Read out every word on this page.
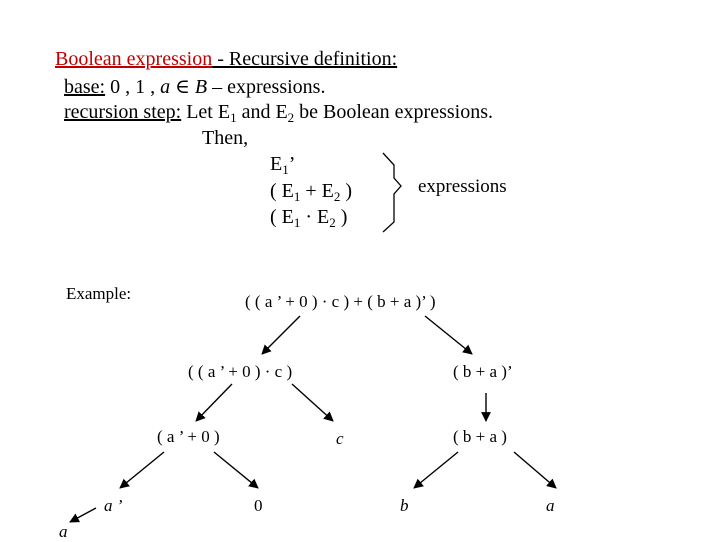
Boolean expression - Recursive definition:
base: 0 , 1 , a ∈ B – expressions.
recursion step: Let $E_1$ and $E_2$ be Boolean expressions.
Then,
$E_1$’
( $E_1 + E_2$ )
( $E_1 \cdot E_2$ )
expressions
Example:	( ( a ’ + 0 ) · c ) + ( b + a )’ )
( ( a ’ + 0 ) · c )	( b + a )’
( a ’ + 0 )	c	( b + a )
a ’	0	b	a
a
